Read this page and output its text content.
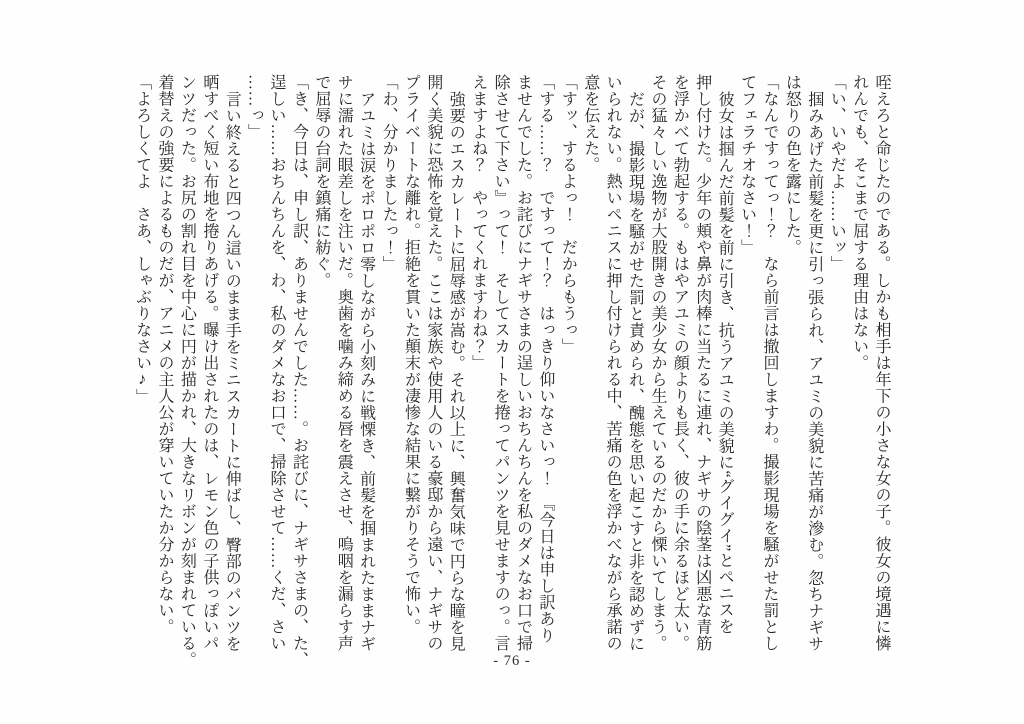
咥えろと命じたのである。しかも相手は年下の小さな女の子。彼女の境遇に憐
れんでも、そこまで屈する理由はない。
「い、いやだよ……いッ」
掴みあげた前髪を更に引っ張られ、アユミの美貌に苦痛が滲む。忽ちナギサ
は怒りの色を露にした。
「なんですってっ！？　なら前言は撤回しますわ。撮影現場を騒がせた罰とし
てフェラチオなさい！」
彼女は掴んだ前髪を前に引き、抗うアユミの美貌に“グイグイ”とペニスを
押し付けた。少年の頬や鼻が肉棒に当たるに連れ、ナギサの陰茎は凶悪な青筋
を浮かべて勃起する。もはやアユミの顔よりも長く、彼の手に余るほど太い。
その猛々しい逸物が大股開きの美少女から生えているのだから慄いてしまう。
だが、撮影現場を騒がせた罰と責められ、醜態を思い起こすと非を認めずに
いられない。熱いペニスに押し付けられる中、苦痛の色を浮かべながら承諾の
意を伝えた。
「すッ、するよっ！　だからもうっ」
「する……？　ですって！？　はっきり仰いなさいっ！　『今日は申し訳あり
ませんでした。お詫びにナギサさまの逞しいおちんちんを私のダメなお口で掃
除させて下さい』って！　そしてスカートを捲ってパンツを見せますのっ。言
えますよね？　やってくれますわね？」
強要のエスカレートに屈辱感が嵩む。それ以上に、興奮気味で円らな瞳を見
開く美貌に恐怖を覚えた。ここは家族や使用人のいる豪邸から遠い、ナギサの
プライベートな離れ。拒絶を貫いた顛末が凄惨な結果に繋がりそうで怖い。
「わ、分かりましたっ！」
アユミは涙をポロポロ零しながら小刻みに戦慄き、前髪を掴まれたままナギ
サに濡れた眼差しを注いだ。奥歯を噛み締める唇を震えさせ、嗚咽を漏らす声
で屈辱の台詞を鎮痛に紡ぐ。
「き、今日は、申し訳、ありませんでした……。お詫びに、ナギサさまの、た、
逞しい……おちんちんを、わ、私のダメなお口で、掃除させて……くだ、さい
……っ」
言い終えると四つん這いのまま手をミニスカートに伸ばし、臀部のパンツを
晒すべく短い布地を捲りあげる。曝け出されたのは、レモン色の子供っぽいパ
ンツだった。お尻の割れ目を中心に円が描かれ、大きなリボンが刻まれている。
着替えの強要によるものだが、アニメの主人公が穿いていたか分からない。
「よろしくてよ　さあ、しゃぶりなさい♪」
- 76 -
